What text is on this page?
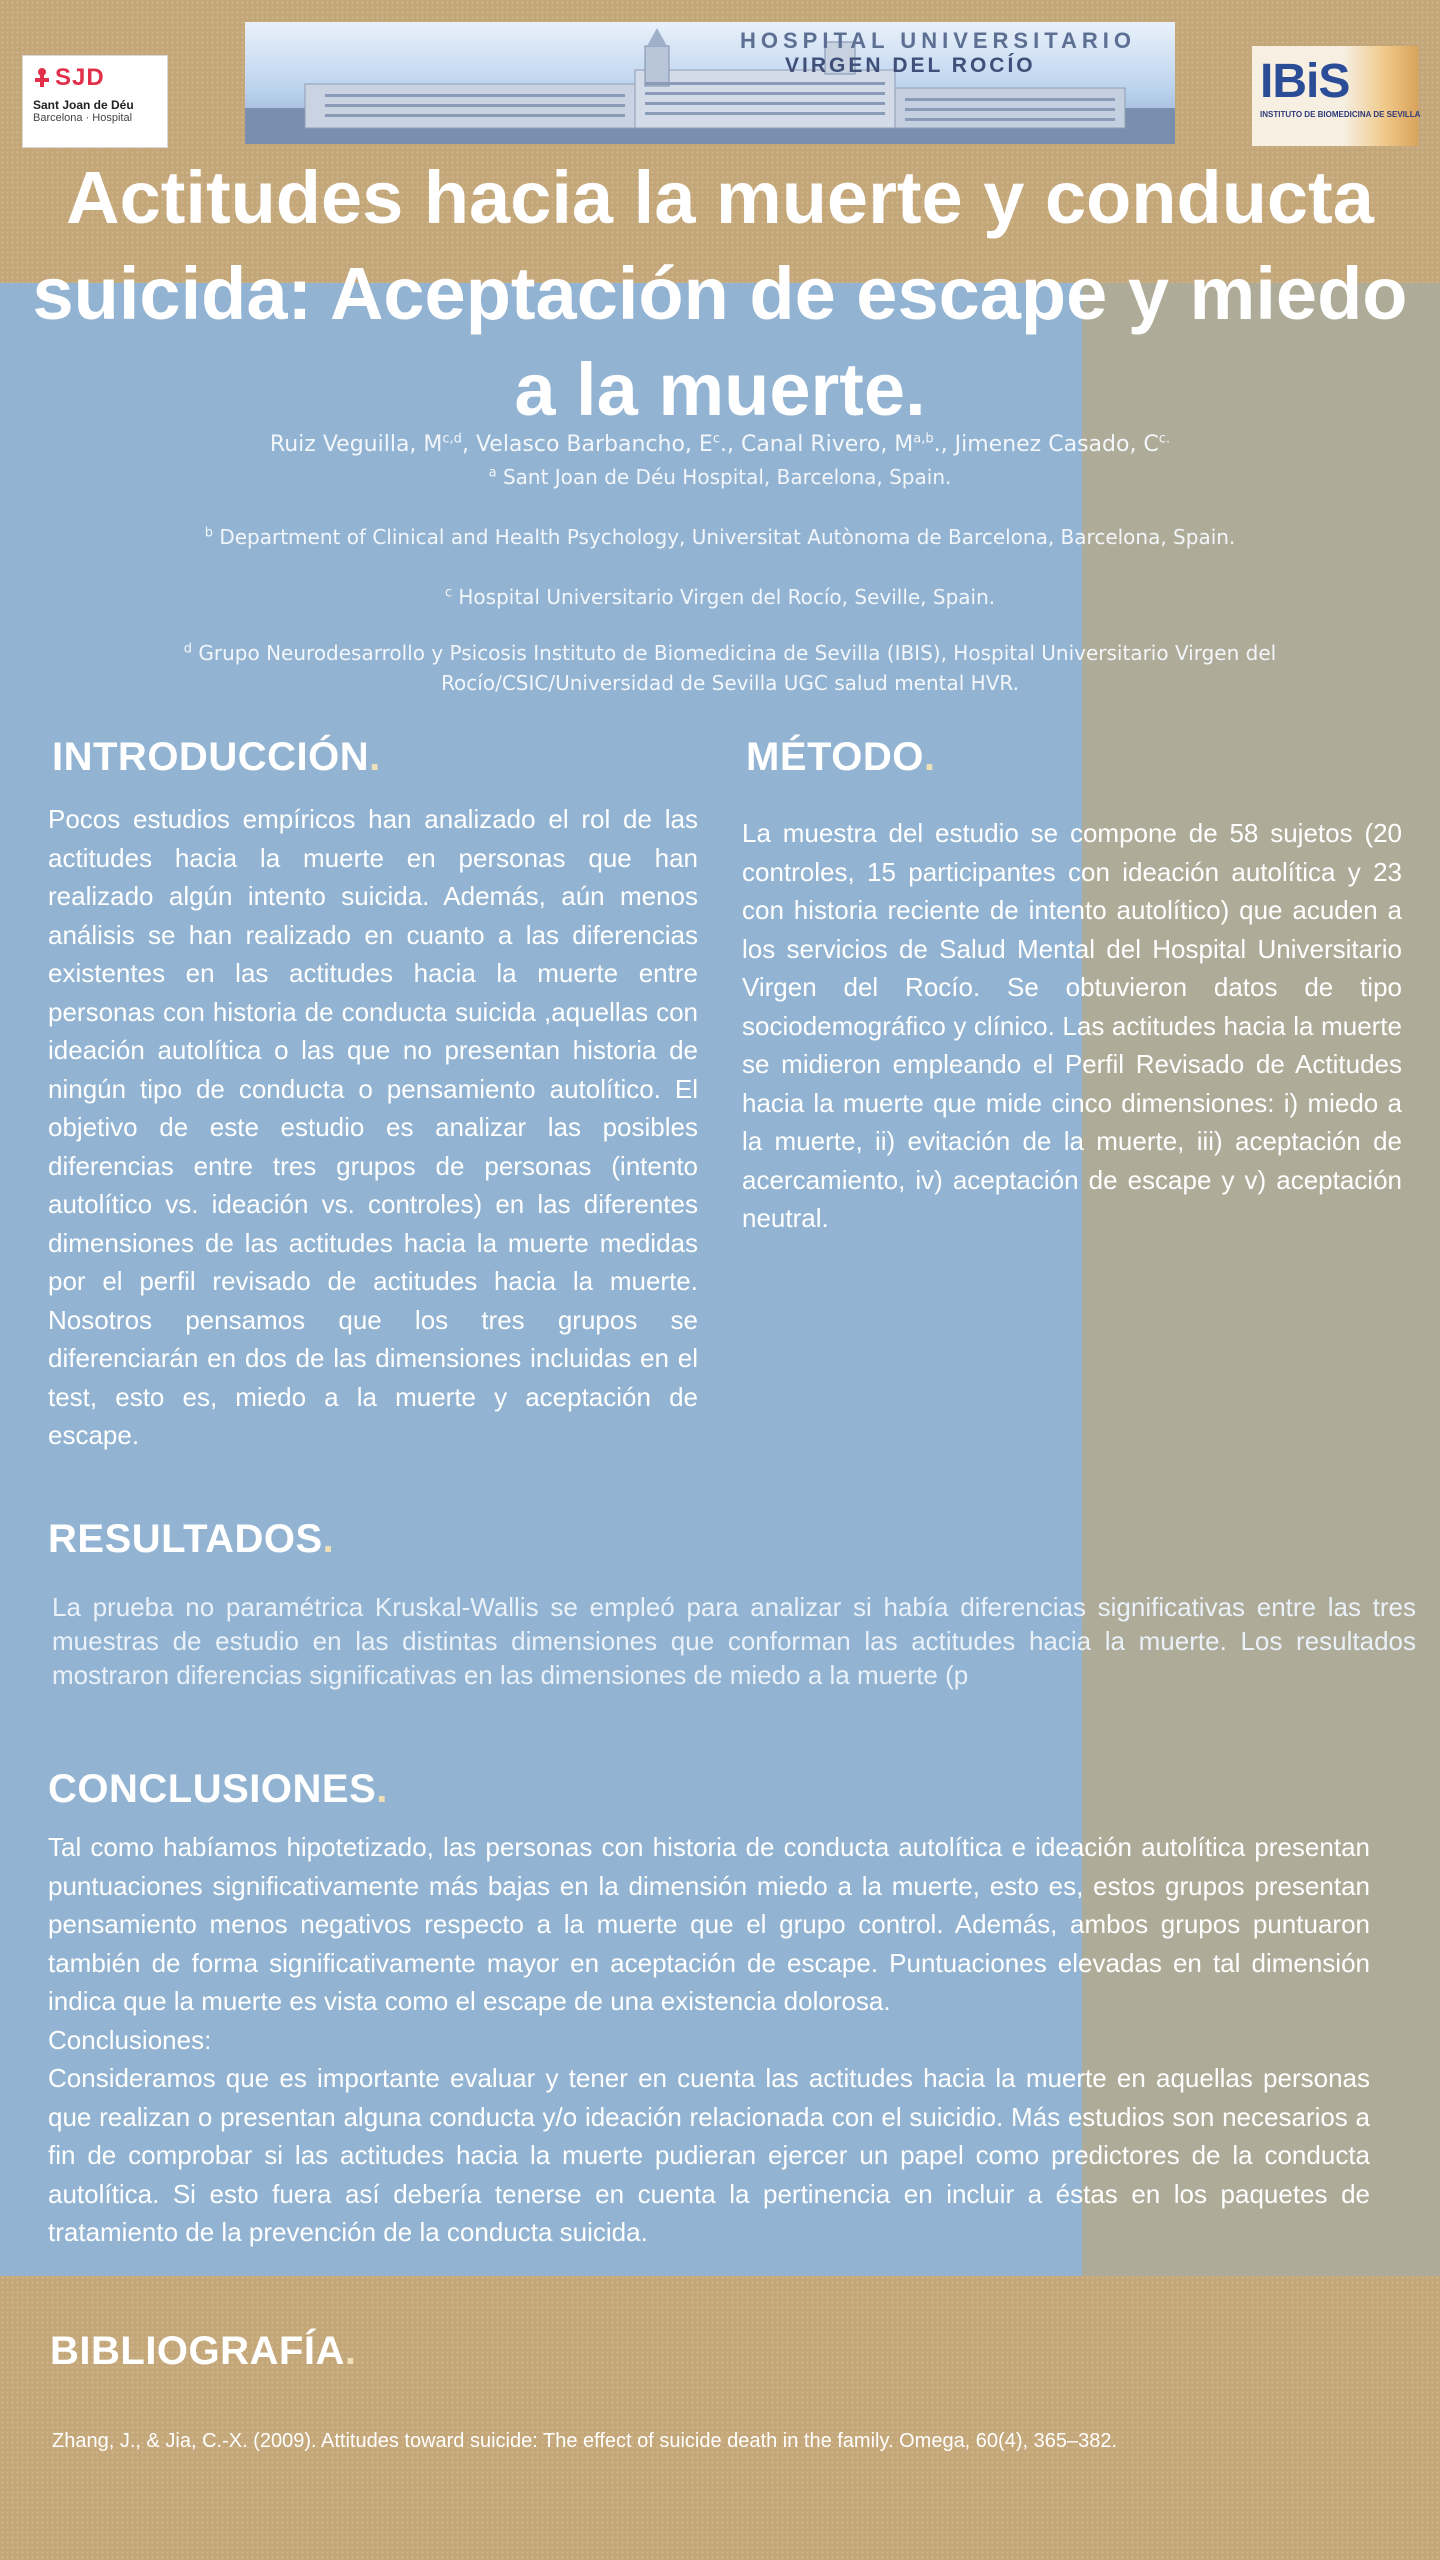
SJD
Sant Joan de Déu
Barcelona · Hospital
HOSPITAL UNIVERSITARIO
VIRGEN DEL ROCÍO	IBiS
INSTITUTO DE BIOMEDICINA DE SEVILLA
Actitudes hacia la muerte y conducta suicida: Aceptación de escape y miedo a la muerte.
Ruiz Veguilla, M$^{c,d}$, Velasco Barbancho, $E^c$., Canal Rivero, M$^{a,b}$., Jimenez Casado, $C^{c.}$
$^a$ Sant Joan de Déu Hospital, Barcelona, Spain.
$^b$ Department of Clinical and Health Psychology, Universitat Autònoma de Barcelona, Barcelona, Spain.
$^c$ Hospital Universitario Virgen del Rocío, Seville, Spain.
$^d$ Grupo Neurodesarrollo y Psicosis Instituto de Biomedicina de Sevilla (IBIS), Hospital Universitario Virgen del Rocío/CSIC/Universidad de Sevilla UGC salud mental HVR.
INTRODUCCIÓN.

Pocos estudios empíricos han analizado el rol de las actitudes hacia la muerte en personas que han realizado algún intento suicida. Además, aún menos análisis se han realizado en cuanto a las diferencias existentes en las actitudes hacia la muerte entre personas con historia de conducta suicida ,aquellas con ideación autolítica o las que no presentan historia de ningún tipo de conducta o pensamiento autolítico. El objetivo de este estudio es analizar las posibles diferencias entre tres grupos de personas (intento autolítico vs. ideación vs. controles) en las diferentes dimensiones de las actitudes hacia la muerte medidas por el perfil revisado de actitudes hacia la muerte. Nosotros pensamos que los tres grupos se diferenciarán en dos de las dimensiones incluidas en el test, esto es, miedo a la muerte y aceptación de escape.

MÉTODO.

La muestra del estudio se compone de 58 sujetos (20 controles, 15 participantes con ideación autolítica y 23 con historia reciente de intento autolítico) que acuden a los servicios de Salud Mental del Hospital Universitario Virgen del Rocío. Se obtuvieron datos de tipo sociodemográfico y clínico. Las actitudes hacia la muerte se midieron empleando el Perfil Revisado de Actitudes hacia la muerte que mide cinco dimensiones: i) miedo a la muerte, ii) evitación de la muerte, iii) aceptación de acercamiento, iv) aceptación de escape y v) aceptación neutral.

RESULTADOS.

La prueba no paramétrica Kruskal-Wallis se empleó para analizar si había diferencias significativas entre las tres muestras de estudio en las distintas dimensiones que conforman las actitudes hacia la muerte. Los resultados mostraron diferencias significativas en las dimensiones de miedo a la muerte (p

CONCLUSIONES.

Tal como habíamos hipotetizado, las personas con historia de conducta autolítica e ideación autolítica presentan puntuaciones significativamente más bajas en la dimensión miedo a la muerte, esto es, estos grupos presentan pensamiento menos negativos respecto a la muerte que el grupo control. Además, ambos grupos puntuaron también de forma significativamente mayor en aceptación de escape. Puntuaciones elevadas en tal dimensión indica que la muerte es vista como el escape de una existencia dolorosa.

Conclusiones:

Consideramos que es importante evaluar y tener en cuenta las actitudes hacia la muerte en aquellas personas que realizan o presentan alguna conducta y/o ideación relacionada con el suicidio. Más estudios son necesarios a fin de comprobar si las actitudes hacia la muerte pudieran ejercer un papel como predictores de la conducta autolítica. Si esto fuera así debería tenerse en cuenta la pertinencia en incluir a éstas en los paquetes de tratamiento de la prevención de la conducta suicida.

BIBLIOGRAFÍA.
Zhang, J., & Jia, C.-X. (2009). Attitudes toward suicide: The effect of suicide death in the family. Omega, 60(4), 365–382.
